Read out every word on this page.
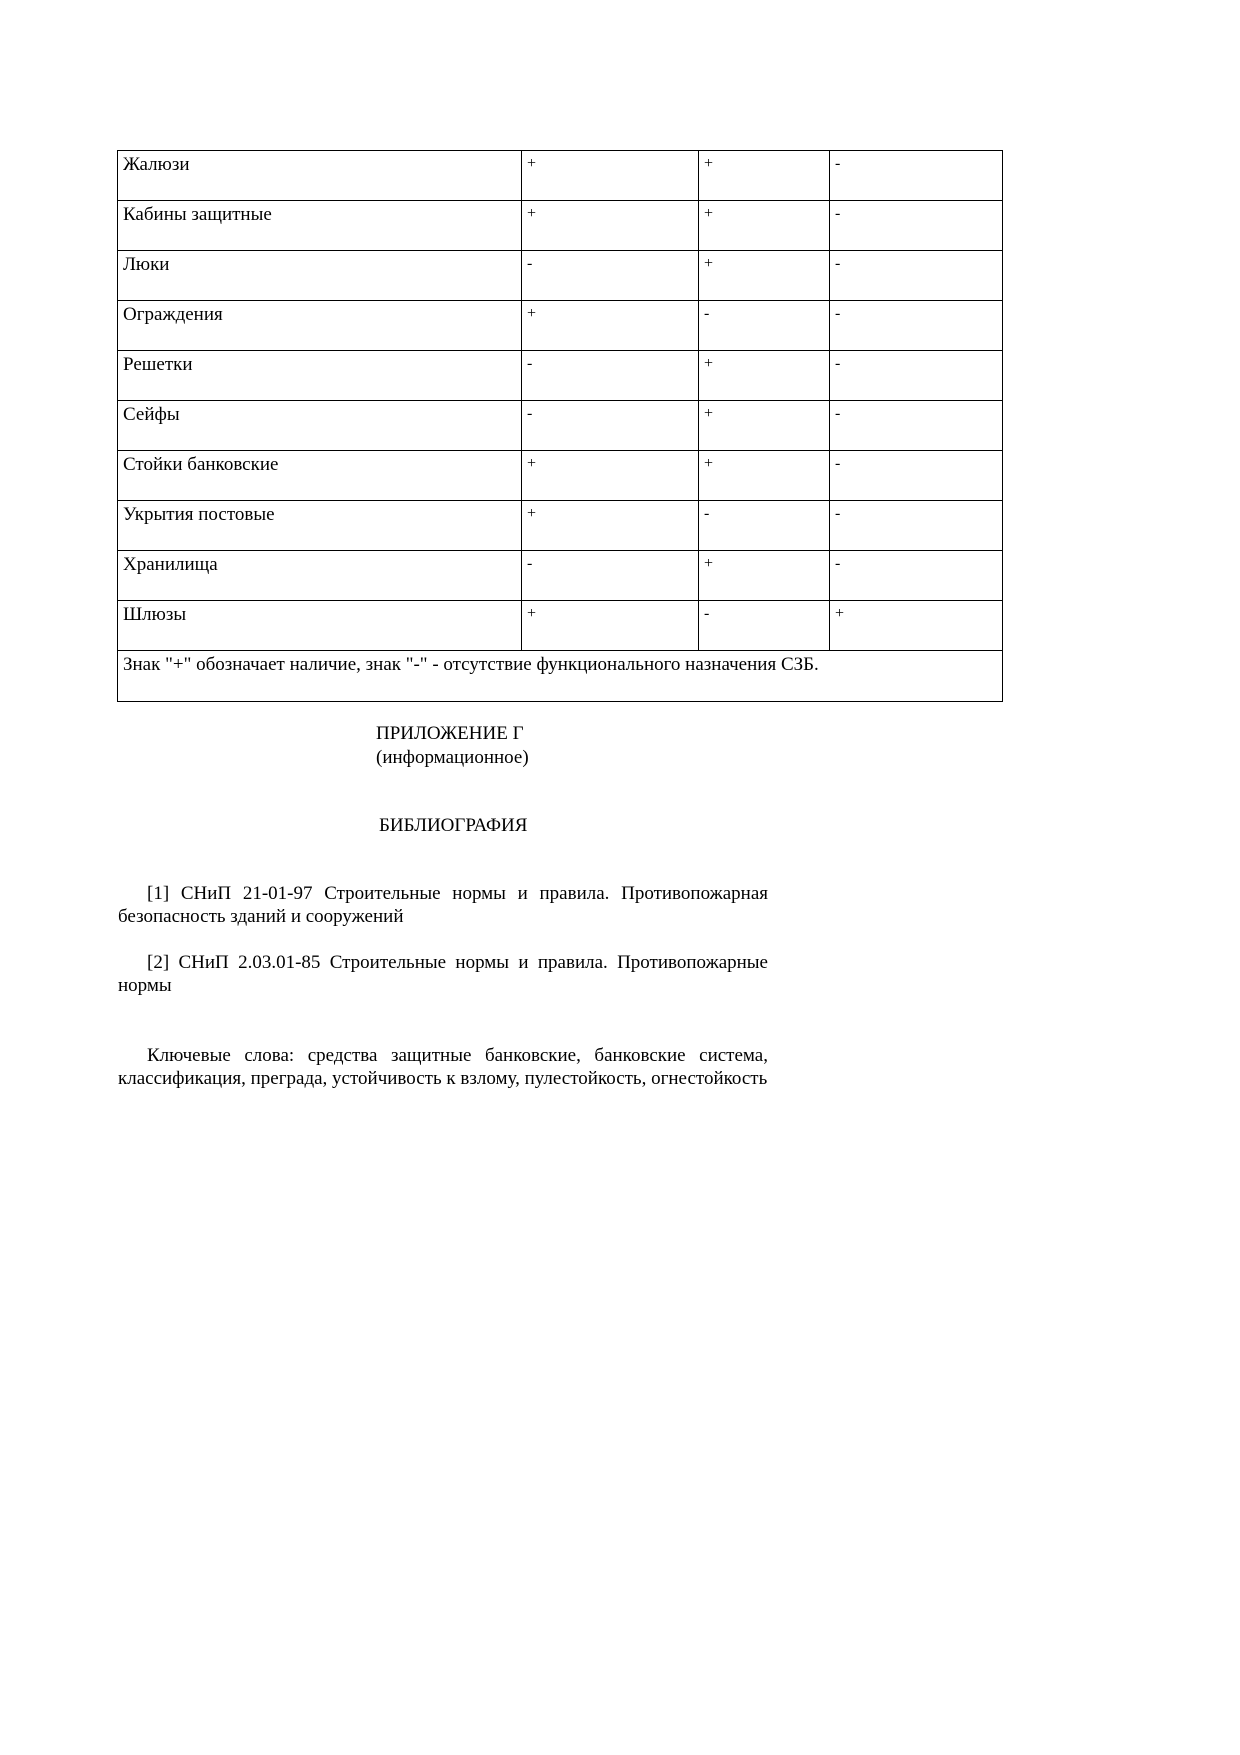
Жалюзи	+	+	-
Кабины защитные	+	+	-
Люки	-	+	-
Ограждения	+	-	-
Решетки	-	+	-
Сейфы	-	+	-
Стойки банковские	+	+	-
Укрытия постовые	+	-	-
Хранилища	-	+	-
Шлюзы	+	-	+
Знак "+" обозначает наличие, знак "-" - отсутствие функционального назначения СЗБ.			
ПРИЛОЖЕНИЕ Г
(информационное)
БИБЛИОГРАФИЯ
[1] СНиП 21-01-97 Строительные нормы и правила. Противопожарная безопасность зданий и сооружений
[2] СНиП 2.03.01-85 Строительные нормы и правила. Противопожарные нормы
Ключевые слова: средства защитные банковские, банковские система, классификация, преграда, устойчивость к взлому, пулестойкость, огнестойкость
